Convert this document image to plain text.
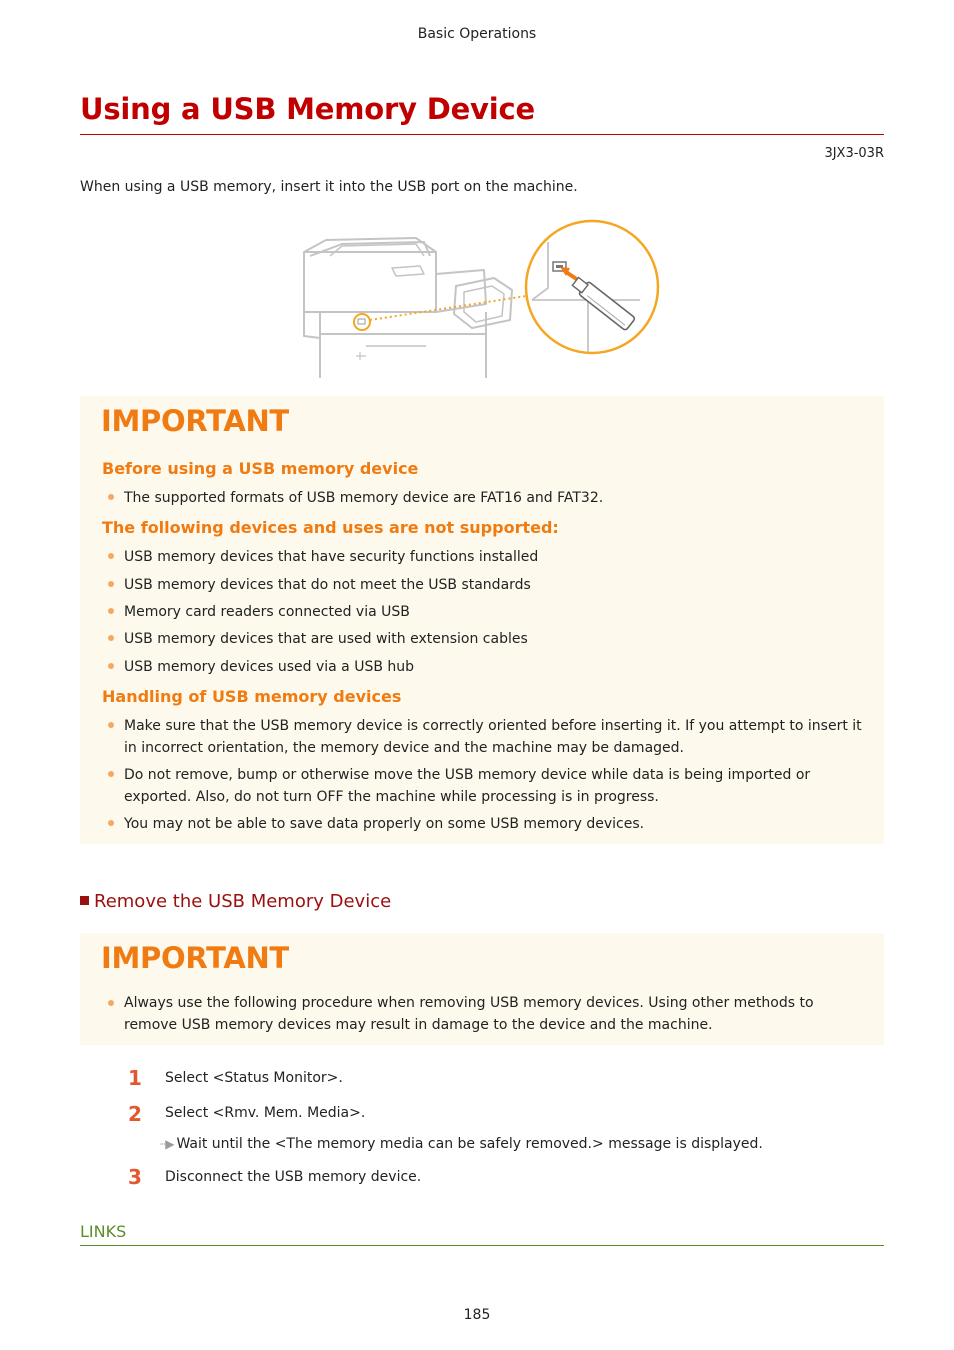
Basic Operations
Using a USB Memory Device
3JX3-03R
When using a USB memory, insert it into the USB port on the machine.
IMPORTANT
Before using a USB memory device
The supported formats of USB memory device are FAT16 and FAT32.
The following devices and uses are not supported:
USB memory devices that have security functions installed
USB memory devices that do not meet the USB standards
Memory card readers connected via USB
USB memory devices that are used with extension cables
USB memory devices used via a USB hub
Handling of USB memory devices
Make sure that the USB memory device is correctly oriented before inserting it. If you attempt to insert it in incorrect orientation, the memory device and the machine may be damaged.
Do not remove, bump or otherwise move the USB memory device while data is being imported or exported. Also, do not turn OFF the machine while processing is in progress.
You may not be able to save data properly on some USB memory devices.
Remove the USB Memory Device
IMPORTANT
Always use the following procedure when removing USB memory devices. Using other methods to remove USB memory devices may result in damage to the device and the machine.
1 Select <Status Monitor>.
2 Select <Rmv. Mem. Media>.
┈▶ Wait until the <The memory media can be safely removed.> message is displayed.
3 Disconnect the USB memory device.
LINKS
185
